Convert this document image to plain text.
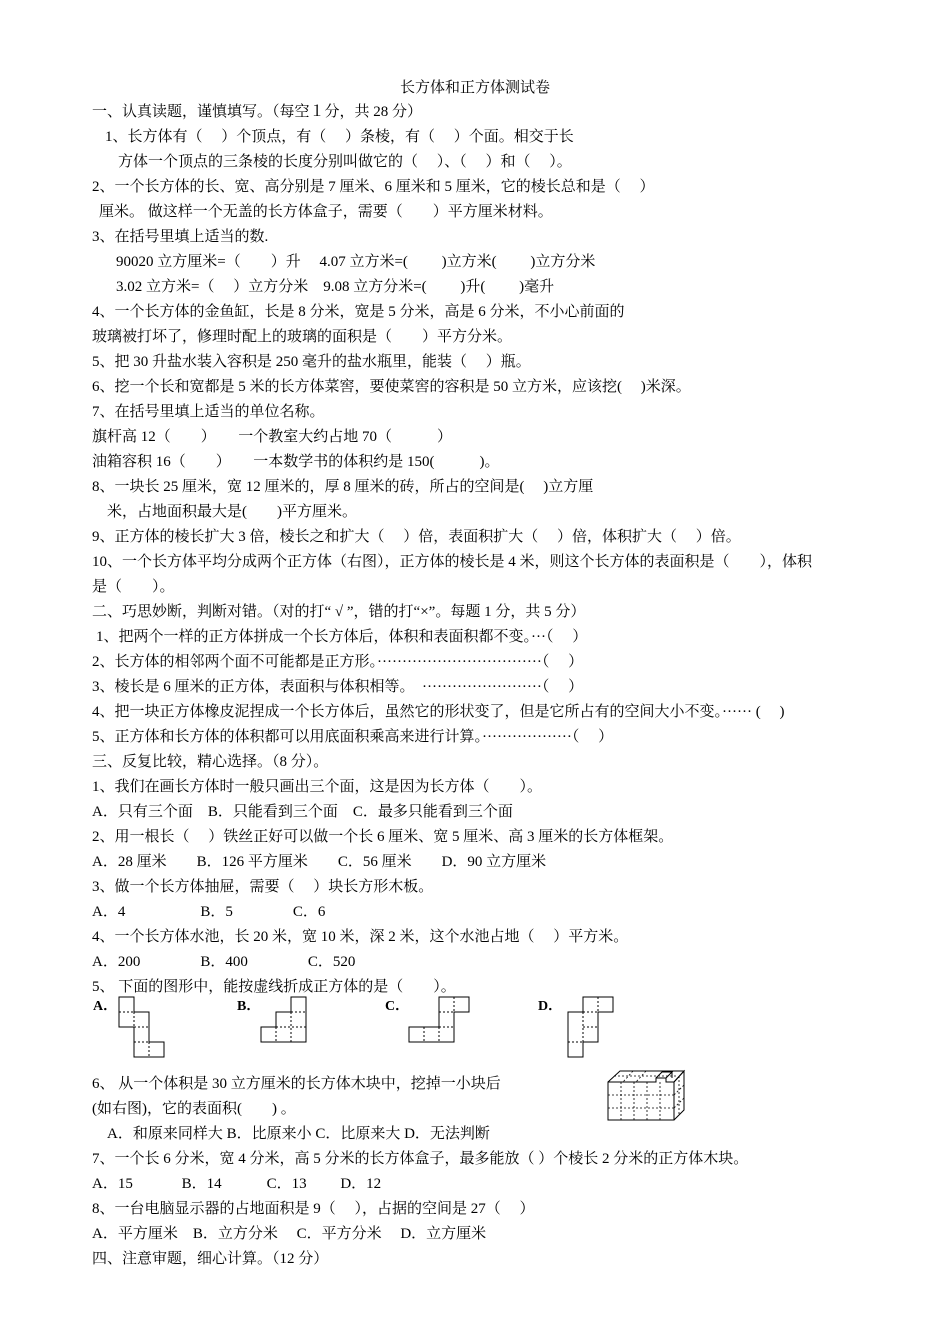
长方体和正方体测试卷
一、认真读题，谨慎填写。（每空１分，共 28 分）
1、长方体有（　 ）个顶点，有（　 ）条棱，有（　 ）个面。相交于长
方体一个顶点的三条棱的长度分别叫做它的（　 ）、（　 ）和（　 ）。
2、一个长方体的长、宽、高分别是 7 厘米、6 厘米和 5 厘米，它的棱长总和是（　 ）
厘米。 做这样一个无盖的长方体盒子，需要（　　）平方厘米材料。
3、在括号里填上适当的数.
90020 立方厘米=（　　）升　 4.07 立方米=(　　 )立方米(　　 )立方分米
3.02 立方米=（　 ）立方分米　9.08 立方分米=(　　 )升(　　 )毫升
4、一个长方体的金鱼缸，长是 8 分米，宽是 5 分米，高是 6 分米，不小心前面的
玻璃被打坏了，修理时配上的玻璃的面积是（　　）平方分米。
5、把 30 升盐水装入容积是 250 毫升的盐水瓶里，能装（　 ）瓶。
6、挖一个长和宽都是 5 米的长方体菜窖，要使菜窖的容积是 50 立方米，应该挖(　 )米深。
7、在括号里填上适当的单位名称。
旗杆高 12（　　）　　一个教室大约占地 70（　　　）
油箱容积 16（　　）　　一本数学书的体积约是 150(　　　)。
8、一块长 25 厘米，宽 12 厘米的，厚 8 厘米的砖，所占的空间是(　 )立方厘
米，占地面积最大是(　　)平方厘米。
9、正方体的棱长扩大 3 倍，棱长之和扩大（　 ）倍，表面积扩大（　 ）倍，体积扩大（　 ）倍。
10、一个长方体平均分成两个正方体（右图），正方体的棱长是 4 米，则这个长方体的表面积是（　　），体积
是（　　）。
二、巧思妙断，判断对错。（对的打“ √ ”，错的打“×”。每题 1 分，共 5 分）
1、把两个一样的正方体拼成一个长方体后，体积和表面积都不变。···（　 ）
2、长方体的相邻两个面不可能都是正方形。·································（　 ）
3、棱长是 6 厘米的正方体，表面积与体积相等。　························（　 ）
4、把一块正方体橡皮泥捏成一个长方体后，虽然它的形状变了，但是它所占有的空间大小不变。······ (　 )
5、正方体和长方体的体积都可以用底面积乘高来进行计算。··················（　 ）
三、反复比较，精心选择。（8 分）。
1、我们在画长方体时一般只画出三个面，这是因为长方体（　　）。
A．只有三个面　B．只能看到三个面　C．最多只能看到三个面
2、用一根长（　 ）铁丝正好可以做一个长 6 厘米、宽 5 厘米、高 3 厘米的长方体框架。
A．28 厘米　　B．126 平方厘米　　C．56 厘米　　D．90 立方厘米
3、做一个长方体抽屉，需要（　 ）块长方形木板。
A．4　　　　　B．5　　　　C．6
4、一个长方体水池，长 20 米，宽 10 米，深 2 米，这个水池占地（　 ）平方米。
A．200　　　　B．400　　　　C．520
5、 下面的图形中，能按虚线折成正方体的是（　　）。
6、 从一个体积是 30 立方厘米的长方体木块中，挖掉一小块后
(如右图)，它的表面积(　　) 。
A．和原来同样大 B．比原来小 C．比原来大 D．无法判断
7、一个长 6 分米，宽 4 分米，高 5 分米的长方体盒子，最多能放（ ）个棱长 2 分米的正方体木块。
A．15　　　 B．14　　　C．13　　 D．12
8、一台电脑显示器的占地面积是 9（　 ），占据的空间是 27（　 ）
A．平方厘米　B．立方分米　 C．平方分米　 D．立方厘米
四、注意审题，细心计算。（12 分）
A．	B．	C．	D．
